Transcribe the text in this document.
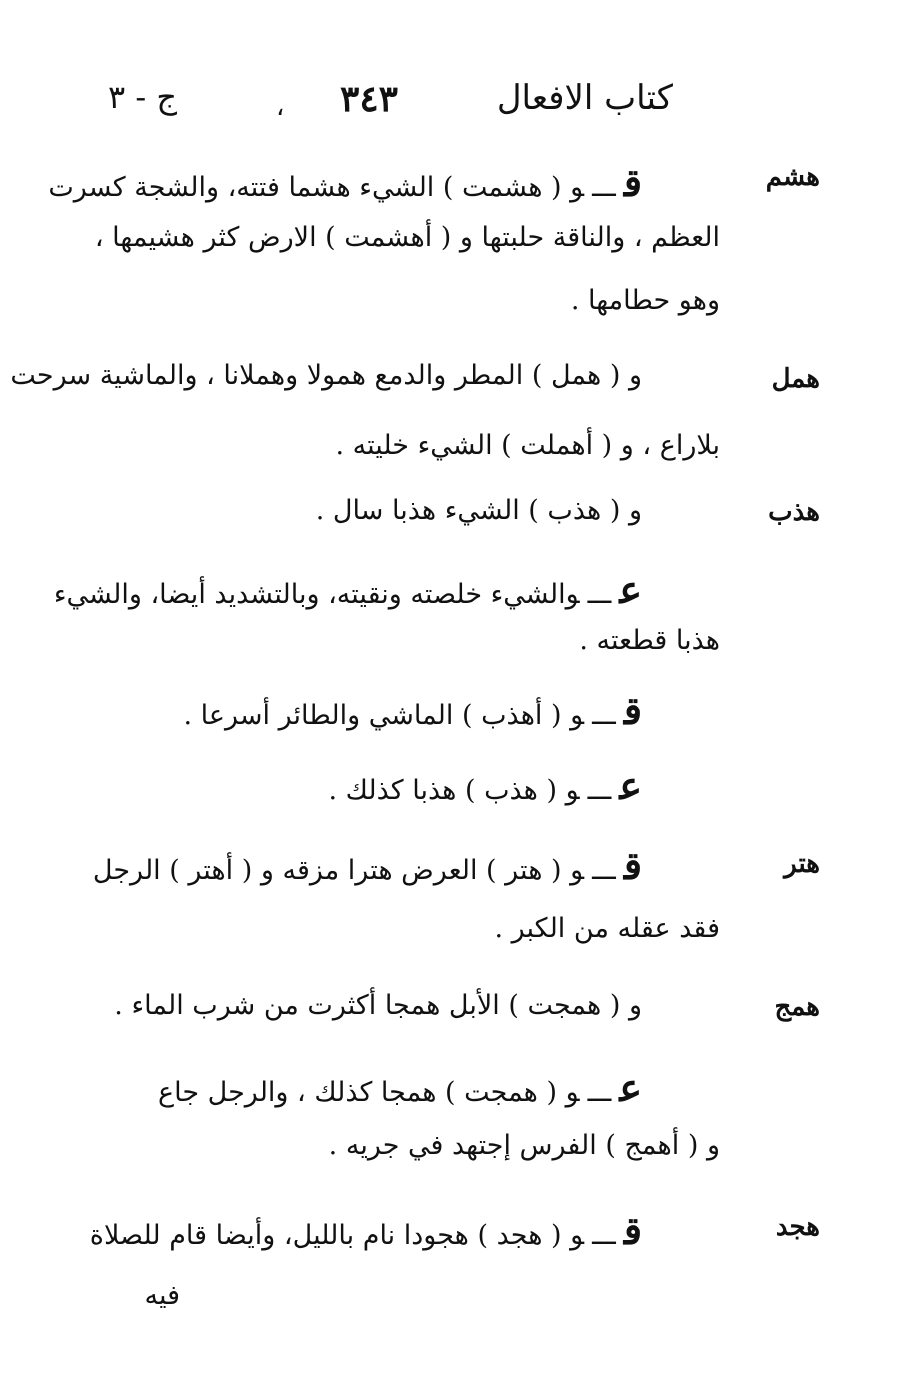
كتاب الافعال
٣٤٣
،
ج - ٣
هشم
قـــو ( هشمت ) الشيء هشما فتته، والشجة كسرت
العظم ، والناقة حلبتها و ( أهشمت ) الارض كثر هشيمها ،
وهو حطامها .
همل
و ( همل ) المطر والدمع همولا وهملانا ، والماشية سرحت
بلاراع ، و ( أهملت ) الشيء خليته .
هذب
و ( هذب ) الشيء هذبا سال .
عـــوالشيء خلصته ونقيته، وبالتشديد أيضا، والشيء
هذبا قطعته .
قـــو ( أهذب ) الماشي والطائر أسرعا .
عـــو ( هذب ) هذبا كذلك .
هتر
قـــو ( هتر ) العرض هترا مزقه و ( أهتر ) الرجل
فقد عقله من الكبر .
همج
و ( همجت ) الأبل همجا أكثرت من شرب الماء .
عـــو ( همجت ) همجا كذلك ، والرجل جاع
و ( أهمج ) الفرس إجتهد في جريه .
هجد
قـــو ( هجد ) هجودا نام بالليل، وأيضا قام للصلاة
فيه
